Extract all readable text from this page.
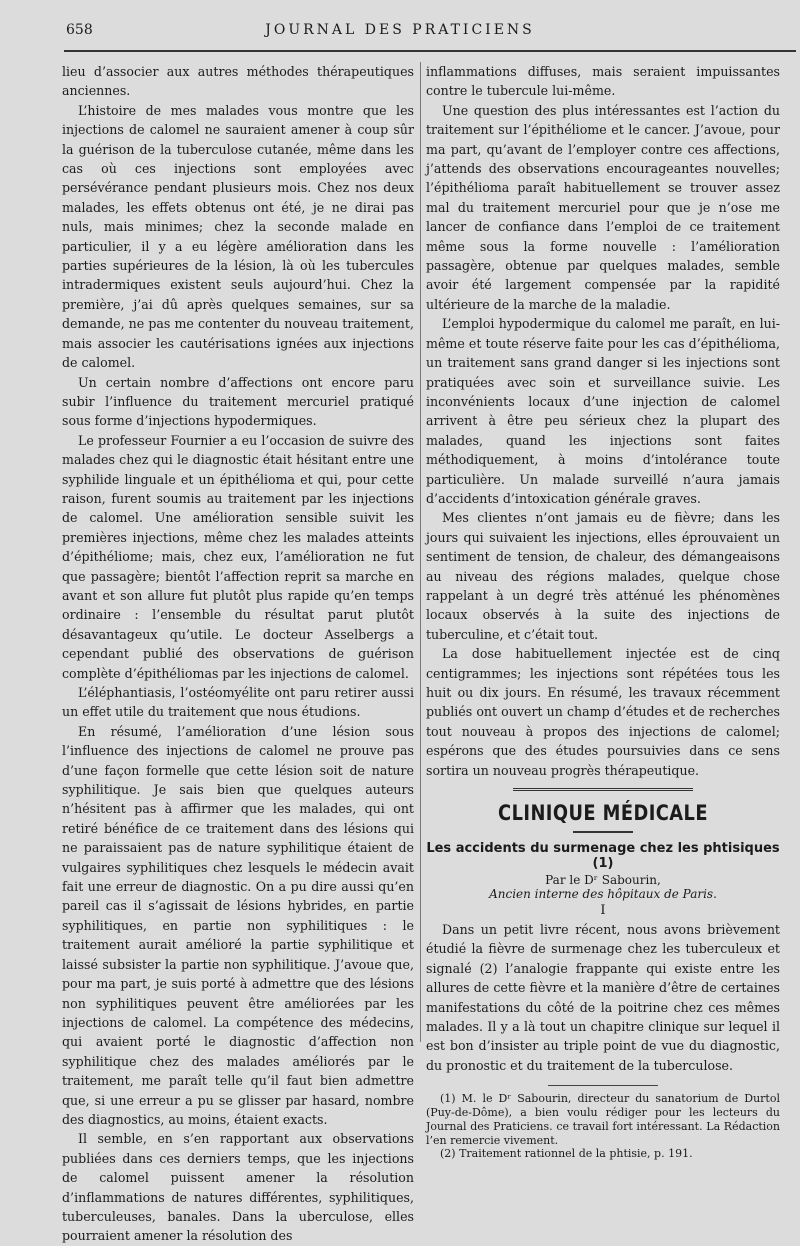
658	JOURNAL DES PRATICIENS

lieu d’associer aux autres méthodes thérapeutiques anciennes.

L’histoire de mes malades vous montre que les injections de calomel ne sauraient amener à coup sûr la guérison de la tuberculose cutanée, même dans les cas où ces injections sont employées avec persévérance pendant plusieurs mois. Chez nos deux malades, les effets obtenus ont été, je ne dirai pas nuls, mais minimes; chez la seconde malade en particulier, il y a eu légère amélioration dans les parties supérieures de la lésion, là où les tubercules intradermiques existent seuls aujourd’hui. Chez la première, j’ai dû après quelques semaines, sur sa demande, ne pas me contenter du nouveau traitement, mais associer les cautérisations ignées aux injections de calomel.

Un certain nombre d’affections ont encore paru subir l’influence du traitement mercuriel pratiqué sous forme d’injections hypodermiques.

Le professeur Fournier a eu l’occasion de suivre des malades chez qui le diagnostic était hésitant entre une syphilide linguale et un épithélioma et qui, pour cette raison, furent soumis au traitement par les injections de calomel. Une amélioration sensible suivit les premières injections, même chez les malades atteints d’épithéliome; mais, chez eux, l’amélioration ne fut que passagère; bientôt l’affection reprit sa marche en avant et son allure fut plutôt plus rapide qu’en temps ordinaire : l’ensemble du résultat parut plutôt désavantageux qu’utile. Le docteur Asselbergs a cependant publié des observations de guérison complète d’épithéliomas par les injections de calomel.

L’éléphantiasis, l’ostéomyélite ont paru retirer aussi un effet utile du traitement que nous étudions.

En résumé, l’amélioration d’une lésion sous l’influence des injections de calomel ne prouve pas d’une façon formelle que cette lésion soit de nature syphilitique. Je sais bien que quelques auteurs n’hésitent pas à affirmer que les malades, qui ont retiré bénéfice de ce traitement dans des lésions qui ne paraissaient pas de nature syphilitique étaient de vulgaires syphilitiques chez lesquels le médecin avait fait une erreur de diagnostic. On a pu dire aussi qu’en pareil cas il s’agissait de lésions hybrides, en partie syphilitiques, en partie non syphilitiques : le traitement aurait amélioré la partie syphilitique et laissé subsister la partie non syphilitique. J’avoue que, pour ma part, je suis porté à admettre que des lésions non syphilitiques peuvent être améliorées par les injections de calomel. La compétence des médecins, qui avaient porté le diagnostic d’affection non syphilitique chez des malades améliorés par le traitement, me paraît telle qu’il faut bien admettre que, si une erreur a pu se glisser par hasard, nombre des diagnostics, au moins, étaient exacts.

Il semble, en s’en rapportant aux observations publiées dans ces derniers temps, que les injections de calomel puissent amener la résolution d’inflammations de natures différentes, syphilitiques, tuberculeuses, banales. Dans la uberculose, elles pourraient amener la résolution des

inflammations diffuses, mais seraient impuissantes contre le tubercule lui-même.

Une question des plus intéressantes est l’action du traitement sur l’épithéliome et le cancer. J’avoue, pour ma part, qu’avant de l’employer contre ces affections, j’attends des observations encourageantes nouvelles; l’épithélioma paraît habituellement se trouver assez mal du traitement mercuriel pour que je n’ose me lancer de confiance dans l’emploi de ce traitement même sous la forme nouvelle : l’amélioration passagère, obtenue par quelques malades, semble avoir été largement compensée par la rapidité ultérieure de la marche de la maladie.

L’emploi hypodermique du calomel me paraît, en lui-même et toute réserve faite pour les cas d’épithélioma, un traitement sans grand danger si les injections sont pratiquées avec soin et surveillance suivie. Les inconvénients locaux d’une injection de calomel arrivent à être peu sérieux chez la plupart des malades, quand les injections sont faites méthodiquement, à moins d’intolérance toute particulière. Un malade surveillé n’aura jamais d’accidents d’intoxication générale graves.

Mes clientes n’ont jamais eu de fièvre; dans les jours qui suivaient les injections, elles éprouvaient un sentiment de tension, de chaleur, des démangeaisons au niveau des régions malades, quelque chose rappelant à un degré très atténué les phénomènes locaux observés à la suite des injections de tuberculine, et c’était tout.

La dose habituellement injectée est de cinq centigrammes; les injections sont répétées tous les huit ou dix jours. En résumé, les travaux récemment publiés ont ouvert un champ d’études et de recherches tout nouveau à propos des injections de calomel; espérons que des études poursuivies dans ce sens sortira un nouveau progrès thérapeutique.

CLINIQUE MÉDICALE
Les accidents du surmenage chez les phtisiques (1)
Par le Dʳ Sabourin,
Ancien interne des hôpitaux de Paris.
I

Dans un petit livre récent, nous avons brièvement étudié la fièvre de surmenage chez les tuberculeux et signalé (2) l’analogie frappante qui existe entre les allures de cette fièvre et la manière d’être de certaines manifestations du côté de la poitrine chez ces mêmes malades. Il y a là tout un chapitre clinique sur lequel il est bon d’insister au triple point de vue du diagnostic, du pronostic et du traitement de la tuberculose.

(1) M. le Dʳ Sabourin, directeur du sanatorium de Durtol (Puy-de-Dôme), a bien voulu rédiger pour les lecteurs du Journal des Praticiens. ce travail fort intéressant. La Rédaction l’en remercie vivement.

(2) Traitement rationnel de la phtisie, p. 191.
